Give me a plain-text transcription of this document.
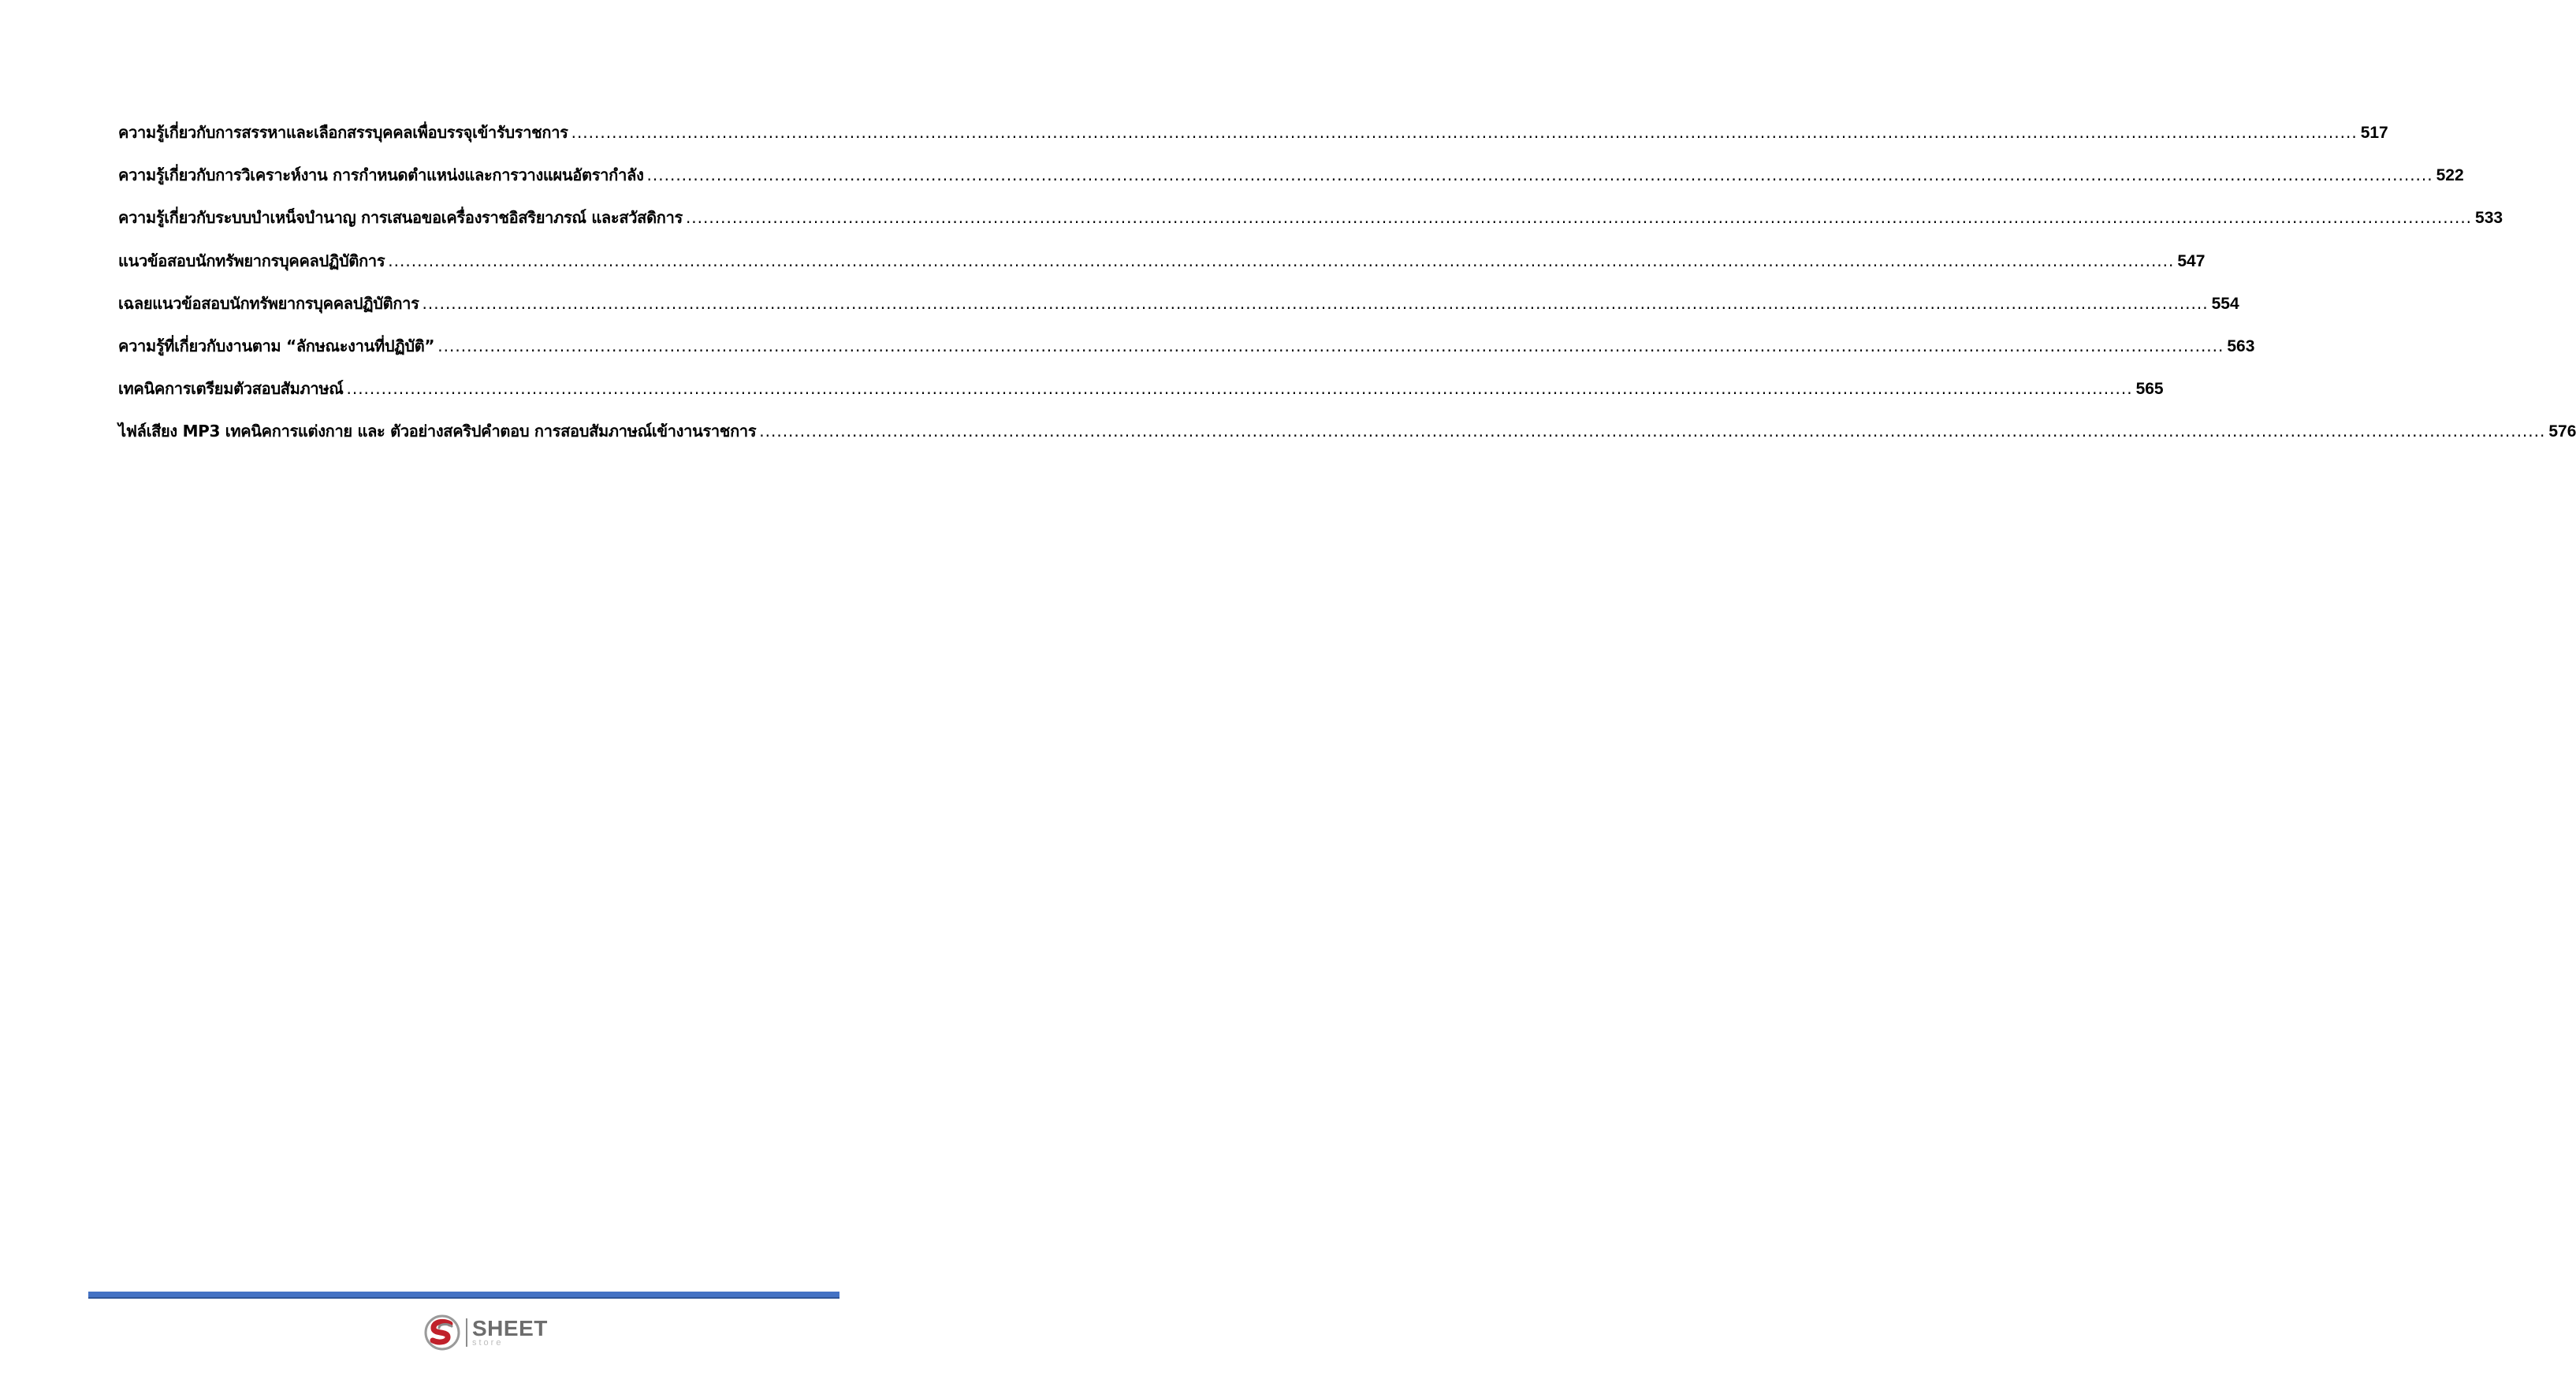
ความรู้เกี่ยวกับการสรรหาและเลือกสรรบุคคลเพื่อบรรจุเข้ารับราชการ .....	517
ความรู้เกี่ยวกับการวิเคราะห์งาน การกำหนดตำแหน่งและการวางแผนอัตรากำลัง .....	522
ความรู้เกี่ยวกับระบบบำเหน็จบำนาญ การเสนอขอเครื่องราชอิสริยาภรณ์ และสวัสดิการ .....	533
แนวข้อสอบนักทรัพยากรบุคคลปฏิบัติการ .....	547
เฉลยแนวข้อสอบนักทรัพยากรบุคคลปฏิบัติการ .....	554
ความรู้ที่เกี่ยวกับงานตาม “ลักษณะงานที่ปฏิบัติ” .....	563
เทคนิคการเตรียมตัวสอบสัมภาษณ์ .....	565
ไฟล์เสียง MP3 เทคนิคการแต่งกาย และ ตัวอย่างสคริปคำตอบ การสอบสัมภาษณ์เข้างานราชการ .....	576
SHEET
store
